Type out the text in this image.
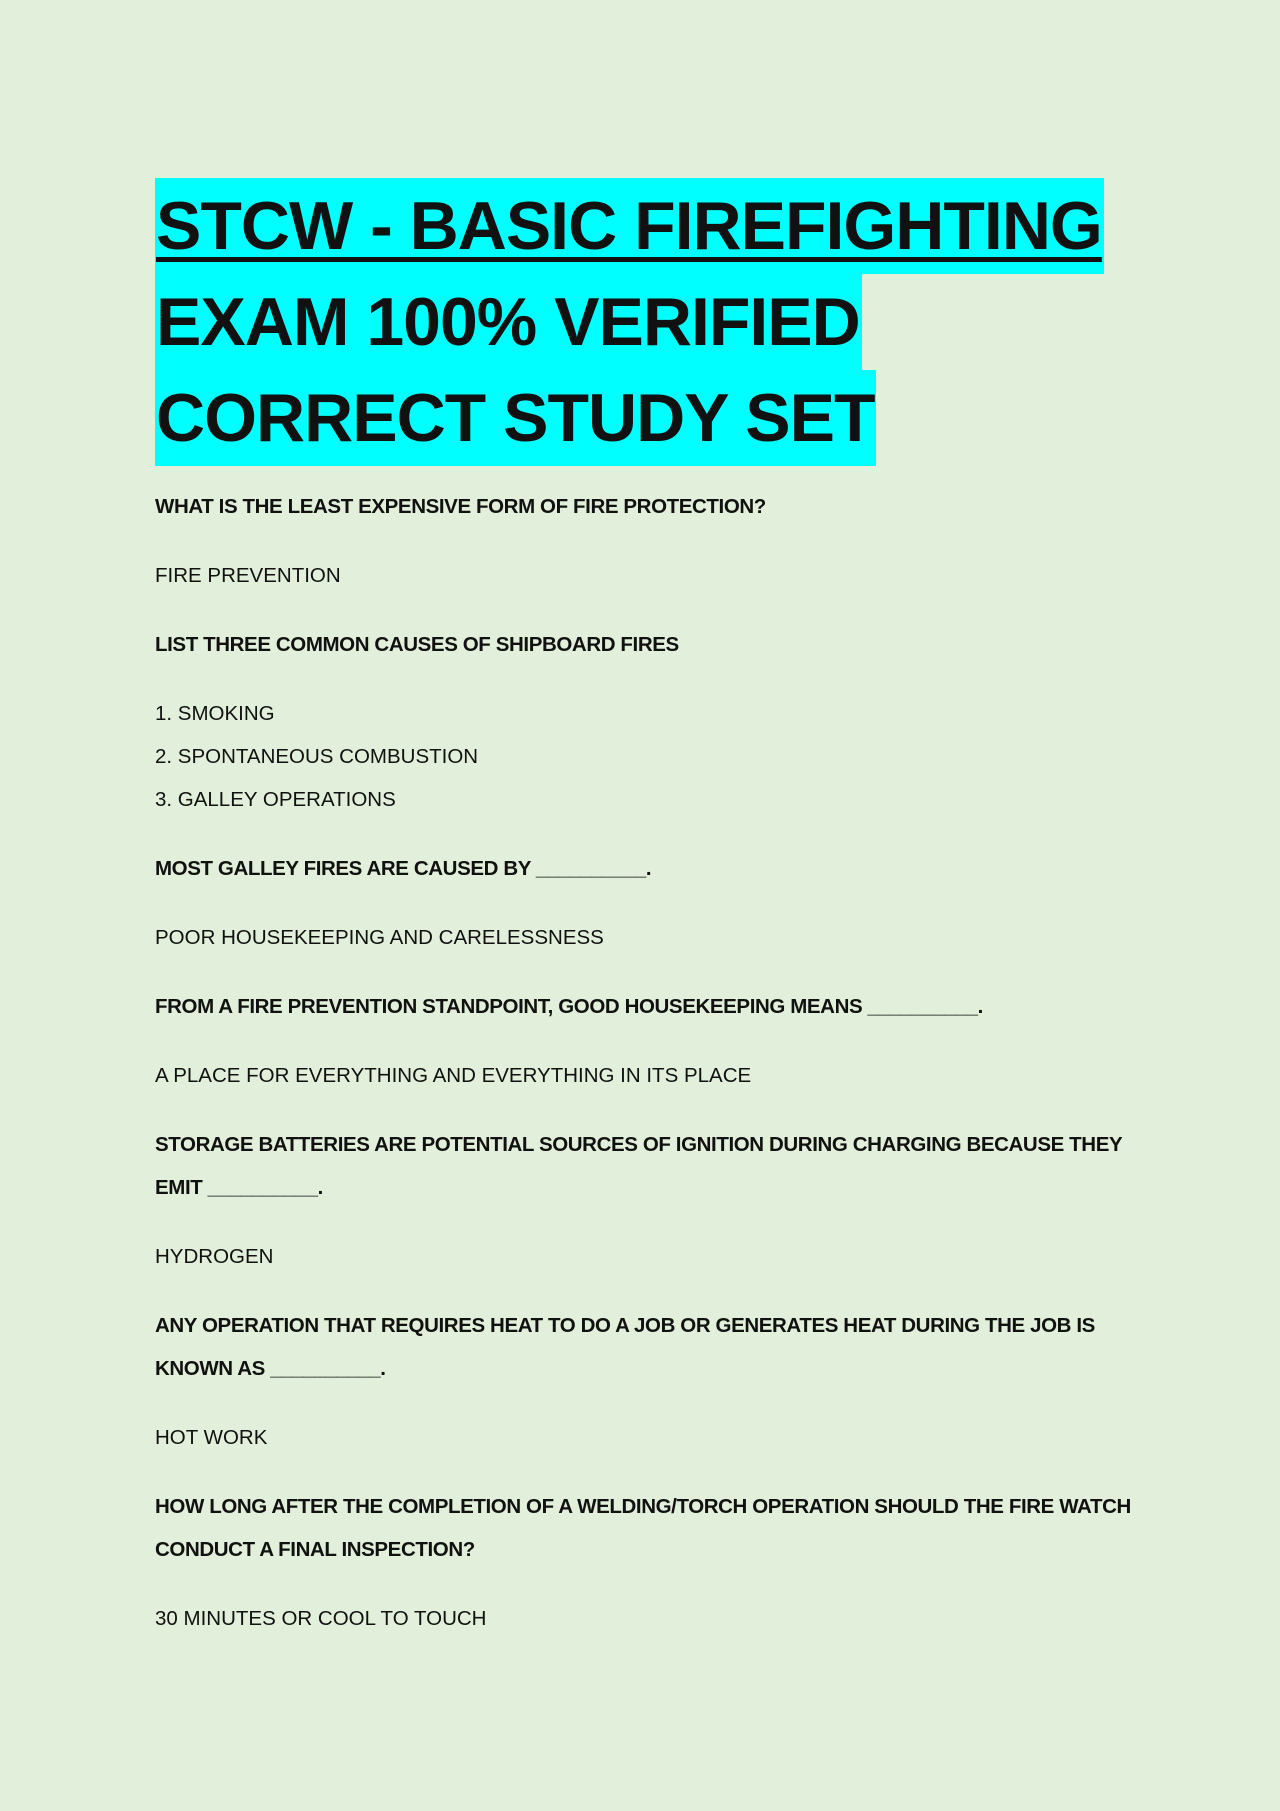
STCW - BASIC FIREFIGHTING
EXAM 100% VERIFIED
CORRECT STUDY SET
WHAT IS THE LEAST EXPENSIVE FORM OF FIRE PROTECTION?
FIRE PREVENTION
LIST THREE COMMON CAUSES OF SHIPBOARD FIRES
1. SMOKING
2. SPONTANEOUS COMBUSTION
3. GALLEY OPERATIONS
MOST GALLEY FIRES ARE CAUSED BY __________.
POOR HOUSEKEEPING AND CARELESSNESS
FROM A FIRE PREVENTION STANDPOINT, GOOD HOUSEKEEPING MEANS __________.
A PLACE FOR EVERYTHING AND EVERYTHING IN ITS PLACE
STORAGE BATTERIES ARE POTENTIAL SOURCES OF IGNITION DURING CHARGING BECAUSE THEY
EMIT __________.
HYDROGEN
ANY OPERATION THAT REQUIRES HEAT TO DO A JOB OR GENERATES HEAT DURING THE JOB IS
KNOWN AS __________.
HOT WORK
HOW LONG AFTER THE COMPLETION OF A WELDING/TORCH OPERATION SHOULD THE FIRE WATCH
CONDUCT A FINAL INSPECTION?
30 MINUTES OR COOL TO TOUCH
